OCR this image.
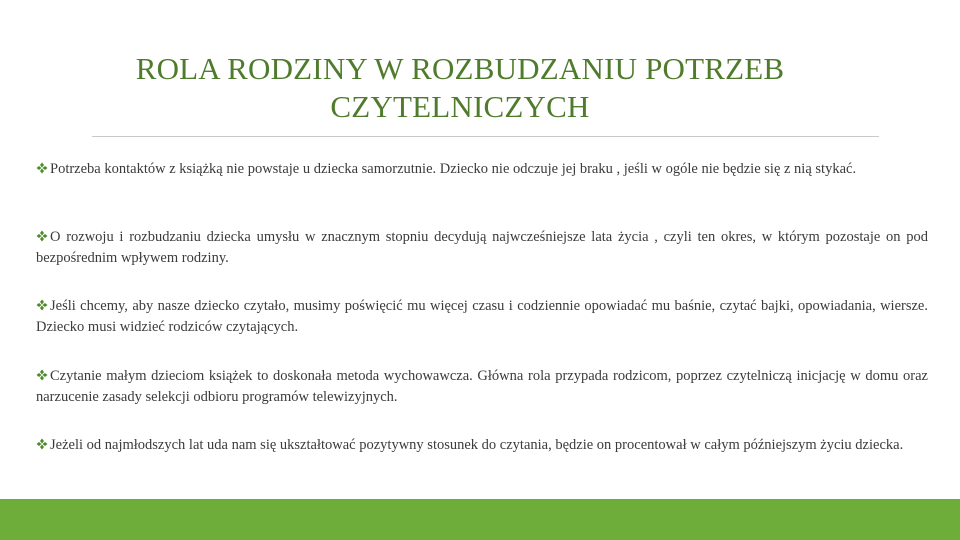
ROLA RODZINY W ROZBUDZANIU POTRZEB CZYTELNICZYCH
Potrzeba kontaktów z książką nie powstaje u dziecka samorzutnie. Dziecko nie odczuje jej braku , jeśli w ogóle nie będzie się z nią stykać.
O rozwoju i rozbudzaniu dziecka umysłu w znacznym stopniu decydują najwcześniejsze lata życia , czyli ten okres, w którym pozostaje on pod bezpośrednim wpływem rodziny.
Jeśli chcemy, aby nasze dziecko czytało, musimy poświęcić mu więcej czasu i codziennie opowiadać mu baśnie, czytać bajki, opowiadania, wiersze. Dziecko musi widzieć rodziców czytających.
Czytanie małym dzieciom książek to doskonała metoda wychowawcza. Główna rola przypada rodzicom, poprzez czytelniczą inicjację w domu oraz narzucenie zasady selekcji odbioru programów telewizyjnych.
Jeżeli od najmłodszych lat uda nam się ukształtować pozytywny stosunek do czytania, będzie on procentował w całym późniejszym życiu dziecka.
